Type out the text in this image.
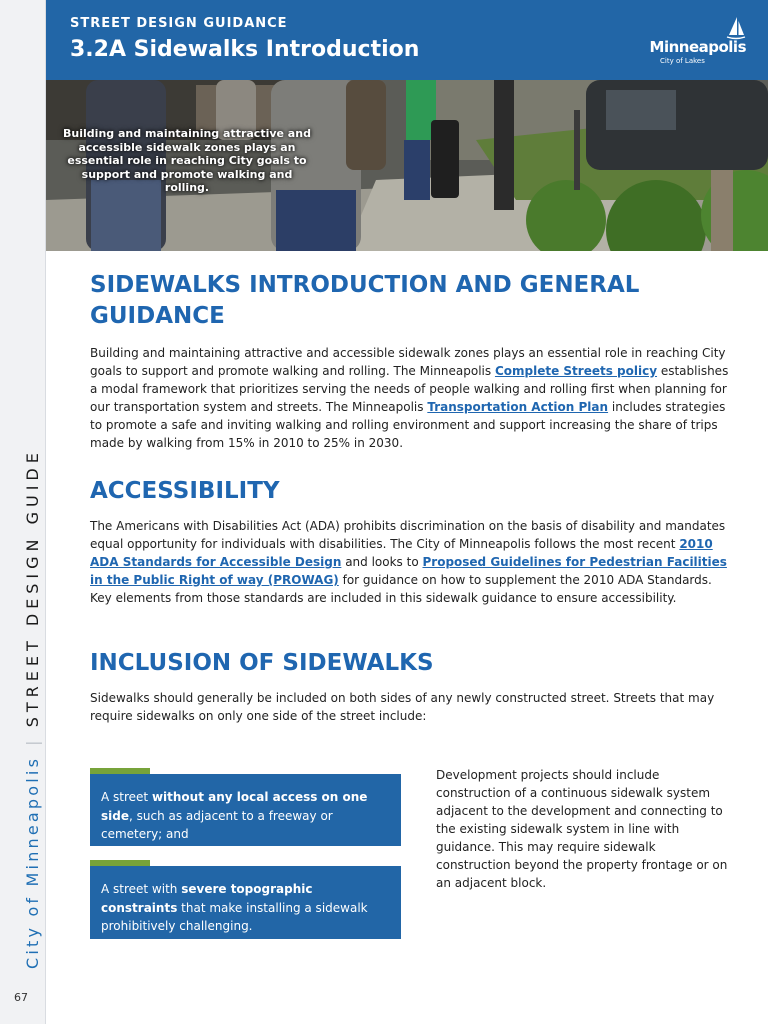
City of Minneapolis|STREET DESIGN GUIDE
67
STREET DESIGN GUIDANCE
3.2A Sidewalks Introduction	Minneapolis
City of Lakes
Building and maintaining attractive and accessible sidewalk zones plays an essential role in reaching City goals to support and promote walking and rolling.
SIDEWALKS INTRODUCTION AND GENERAL GUIDANCE

Building and maintaining attractive and accessible sidewalk zones plays an essential role in reaching City goals to support and promote walking and rolling. The Minneapolis Complete Streets policy establishes a modal framework that prioritizes serving the needs of people walking and rolling first when planning for our transportation system and streets. The Minneapolis Transportation Action Plan includes strategies to promote a safe and inviting walking and rolling environment and support increasing the share of trips made by walking from 15% in 2010 to 25% in 2030.

ACCESSIBILITY

The Americans with Disabilities Act (ADA) prohibits discrimination on the basis of disability and mandates equal opportunity for individuals with disabilities. The City of Minneapolis follows the most recent 2010 ADA Standards for Accessible Design and looks to Proposed Guidelines for Pedestrian Facilities in the Public Right of way (PROWAG) for guidance on how to supplement the 2010 ADA Standards. Key elements from those standards are included in this sidewalk guidance to ensure accessibility.

INCLUSION OF SIDEWALKS

Sidewalks should generally be included on both sides of any newly constructed street. Streets that may require sidewalks on only one side of the street include:

A street without any local access on one side, such as adjacent to a freeway or cemetery; and
A street with severe topographic constraints that make installing a sidewalk prohibitively challenging.
Development projects should include construction of a continuous sidewalk system adjacent to the development and connecting to the existing sidewalk system in line with guidance. This may require sidewalk construction beyond the property frontage or on an adjacent block.
